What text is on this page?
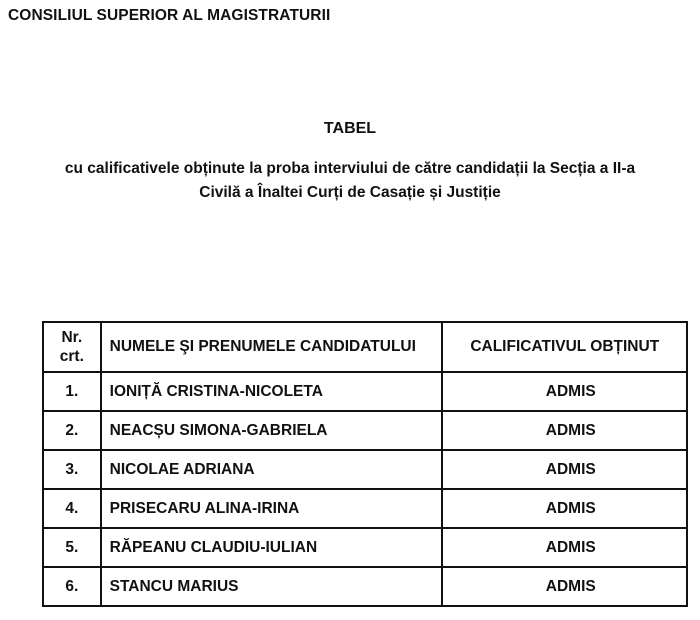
CONSILIUL SUPERIOR AL MAGISTRATURII
TABEL
cu calificativele obținute la proba interviului de către candidații la Secția a II-a
Civilă a Înaltei Curți de Casație și Justiție
Nr.
crt.	NUMELE ŞI PRENUMELE CANDIDATULUI	CALIFICATIVUL OBȚINUT
1.	IONIȚĂ CRISTINA-NICOLETA	ADMIS
2.	NEACȘU SIMONA-GABRIELA	ADMIS
3.	NICOLAE ADRIANA	ADMIS
4.	PRISECARU ALINA-IRINA	ADMIS
5.	RĂPEANU CLAUDIU-IULIAN	ADMIS
6.	STANCU MARIUS	ADMIS
